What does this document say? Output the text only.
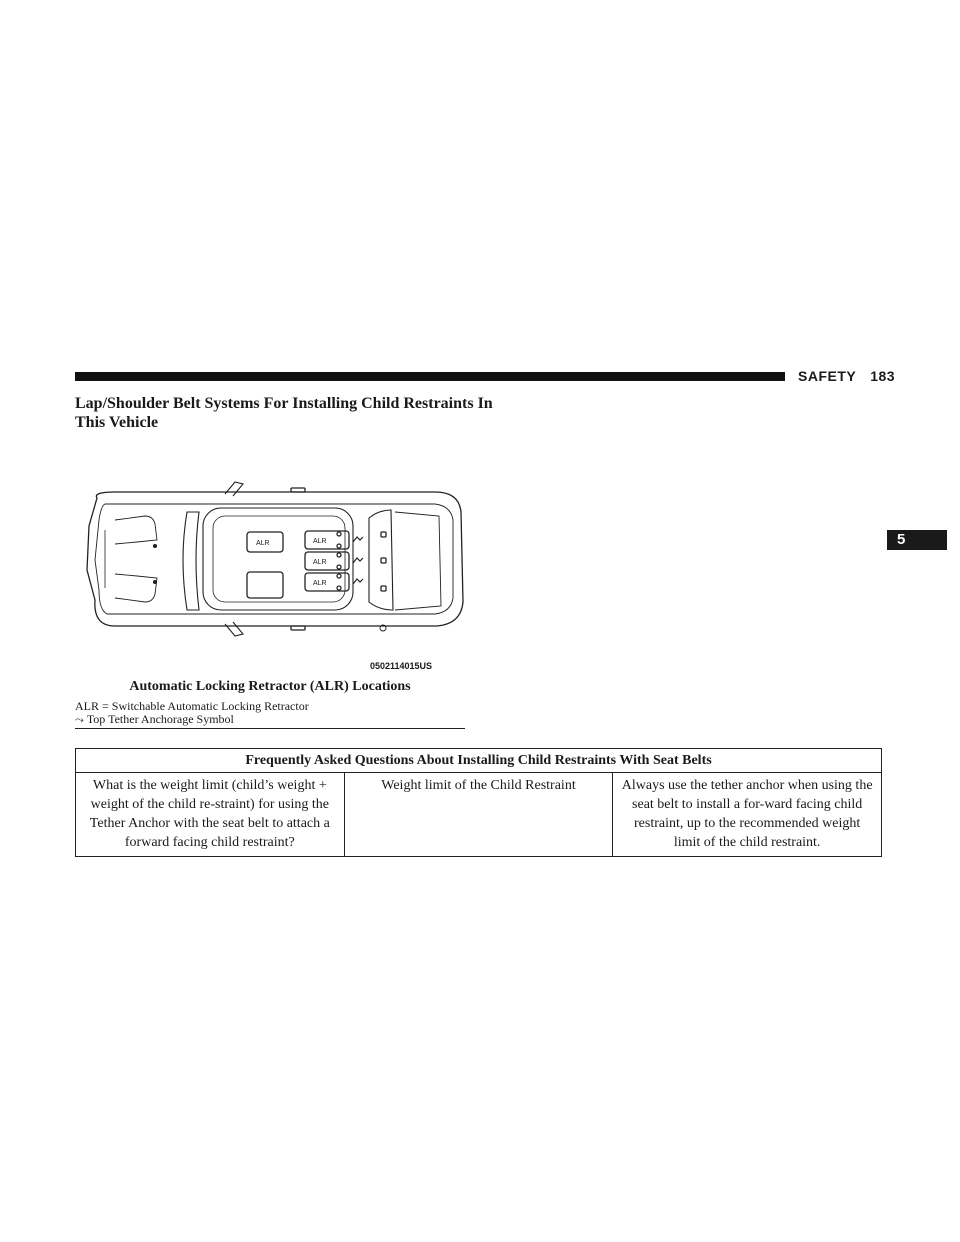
SAFETY 183
5
Lap/Shoulder Belt Systems For Installing Child Restraints In This Vehicle
ALR	ALR
ALR
ALR
0502114015US

Automatic Locking Retractor (ALR) Locations

ALR = Switchable Automatic Locking Retractor
⤳ Top Tether Anchorage Symbol
Frequently Asked Questions About Installing Child Restraints With Seat Belts
What is the weight limit (child’s weight + weight of the child re-straint) for using the Tether Anchor with the seat belt to attach a forward facing child restraint?	Weight limit of the Child Restraint	Always use the tether anchor when using the seat belt to install a for-ward facing child restraint, up to the recommended weight limit of the child restraint.
